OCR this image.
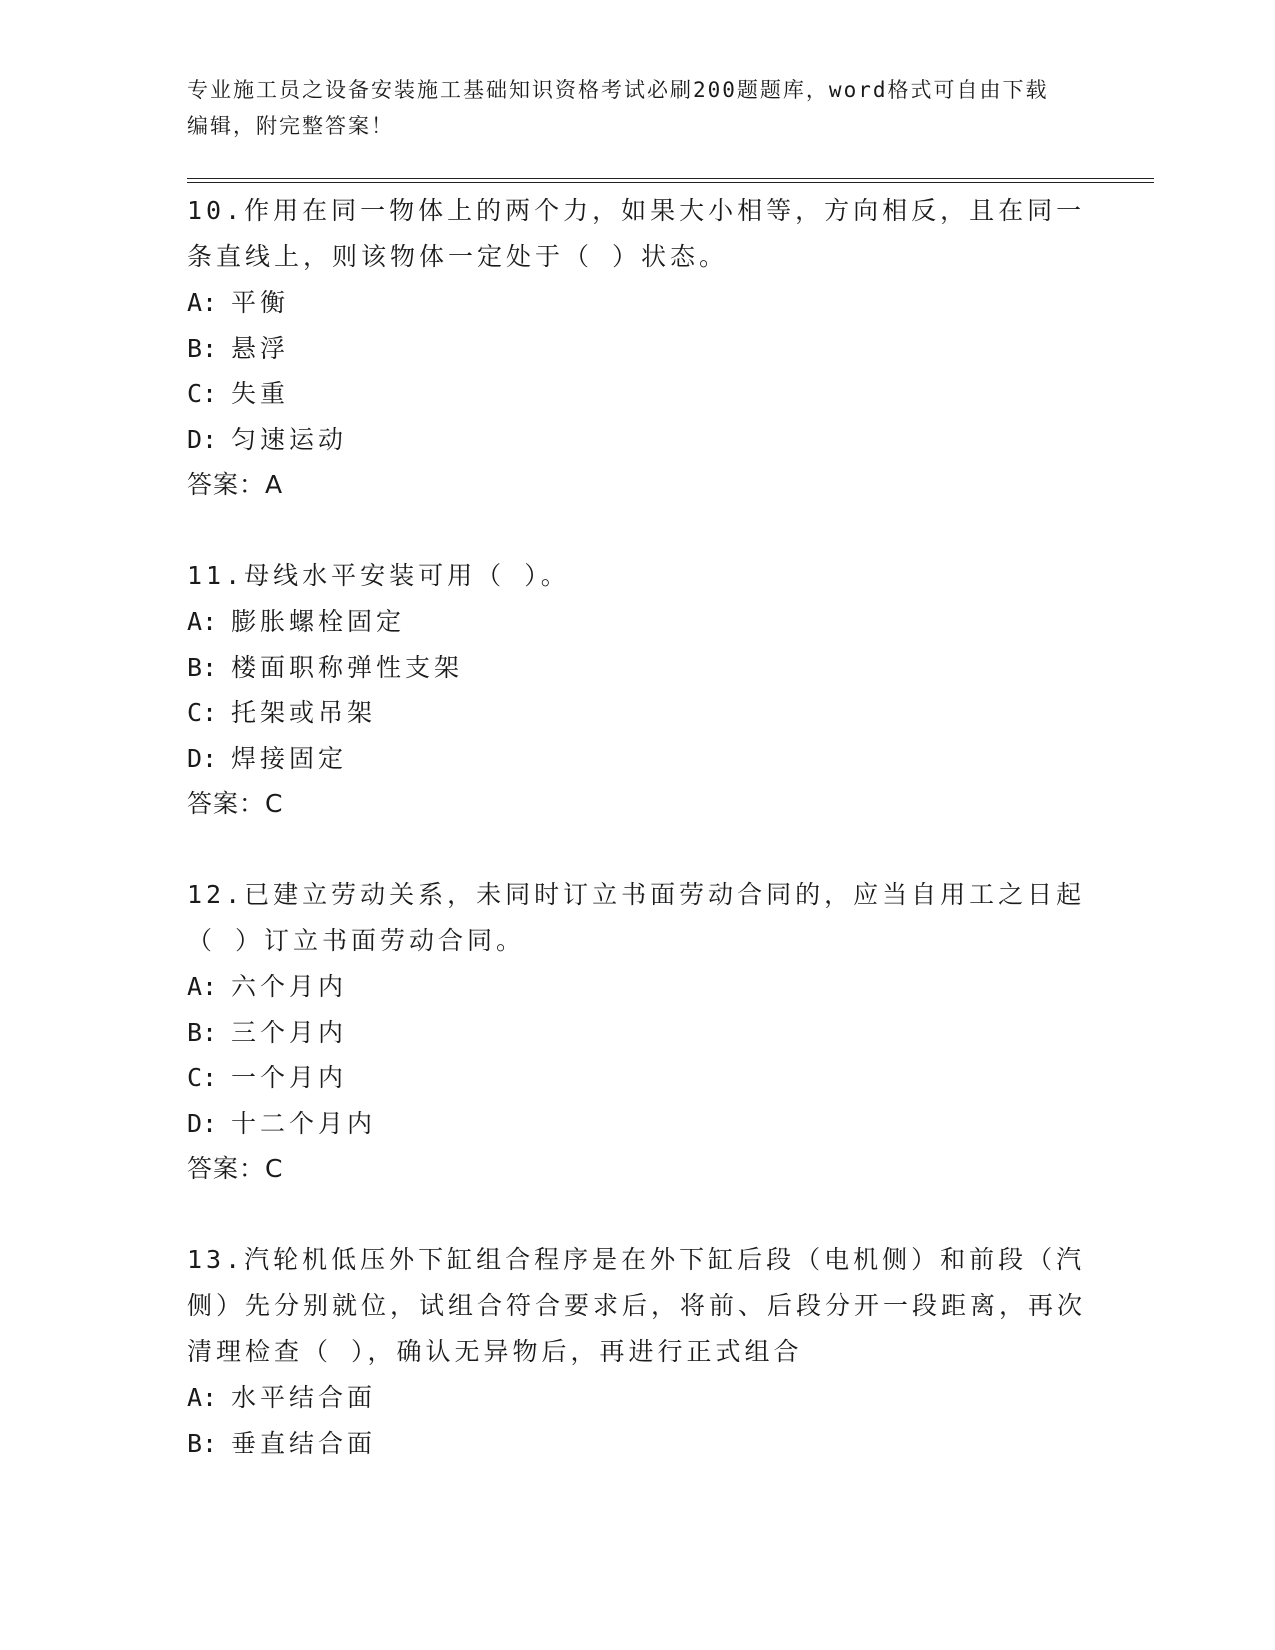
专业施工员之设备安装施工基础知识资格考试必刷200题题库，word格式可自由下载编辑，附完整答案！
10.作用在同一物体上的两个力，如果大小相等，方向相反，且在同一条直线上，则该物体一定处于（ ）状态。
A: 平衡
B: 悬浮
C: 失重
D: 匀速运动
答案：A
11.母线水平安装可用（ ）。
A: 膨胀螺栓固定
B: 楼面职称弹性支架
C: 托架或吊架
D: 焊接固定
答案：C
12.已建立劳动关系，未同时订立书面劳动合同的，应当自用工之日起（ ）订立书面劳动合同。
A: 六个月内
B: 三个月内
C: 一个月内
D: 十二个月内
答案：C
13.汽轮机低压外下缸组合程序是在外下缸后段（电机侧）和前段（汽侧）先分别就位，试组合符合要求后，将前、后段分开一段距离，再次清理检查（ ），确认无异物后，再进行正式组合
A: 水平结合面
B: 垂直结合面
